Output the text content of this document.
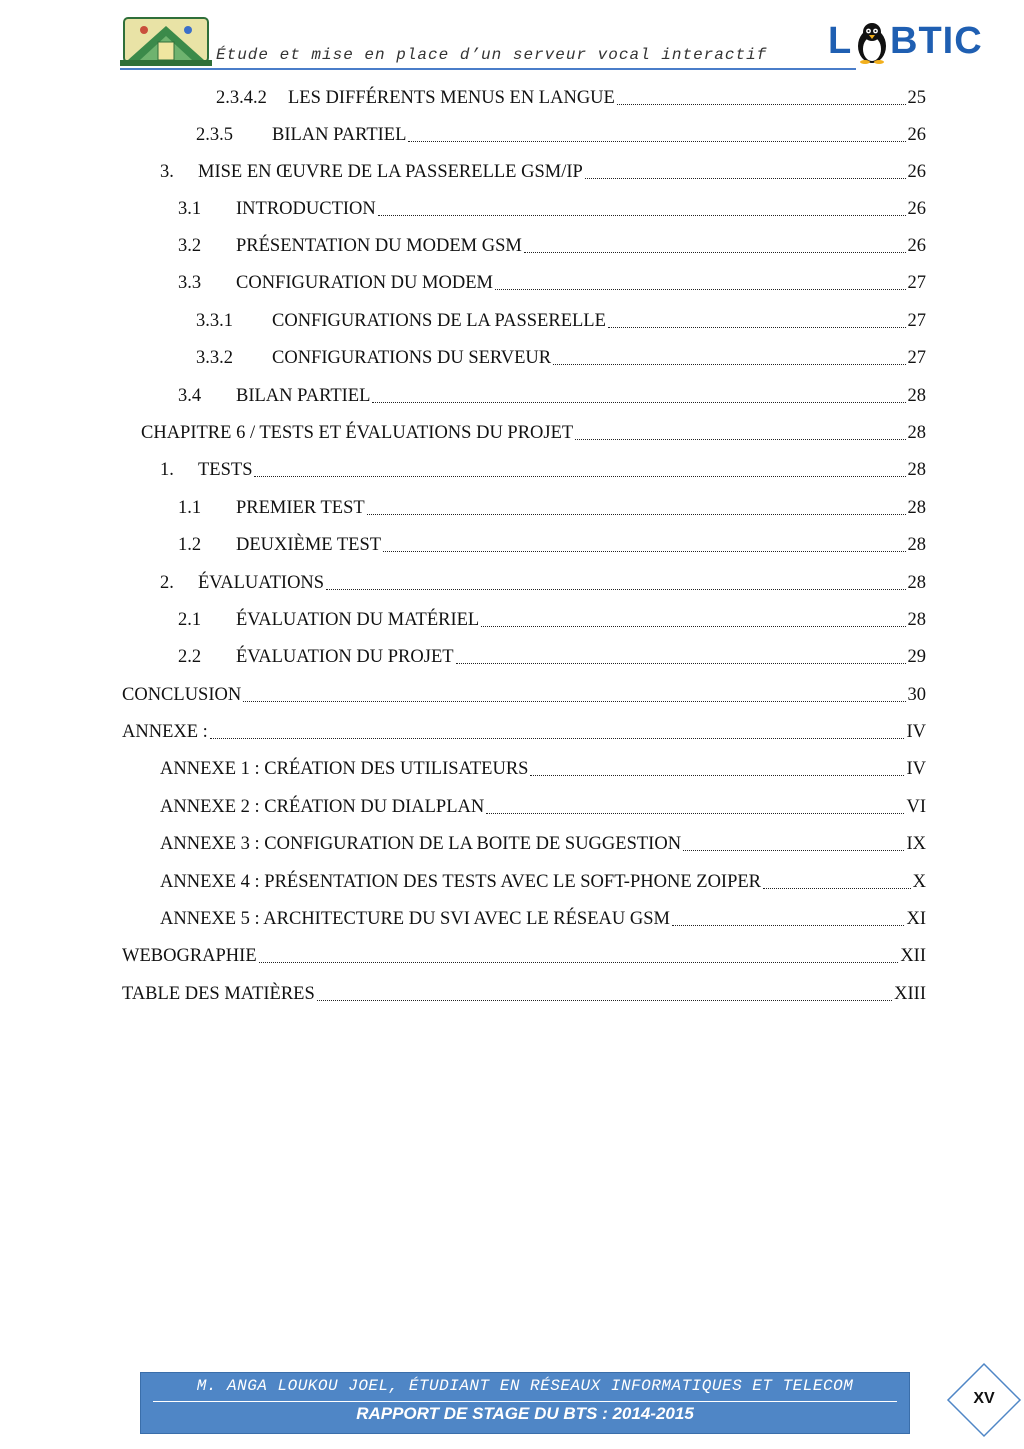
Étude et mise en place d’un serveur vocal interactif L BTIC
2.3.4.2	LES DIFFÉRENTS MENUS EN LANGUE	25
2.3.5	BILAN PARTIEL	26
3.	MISE EN ŒUVRE DE LA PASSERELLE GSM/IP	26
3.1	INTRODUCTION	26
3.2	PRÉSENTATION DU MODEM GSM	26
3.3	CONFIGURATION DU MODEM	27
3.3.1	CONFIGURATIONS DE LA PASSERELLE	27
3.3.2	CONFIGURATIONS DU SERVEUR	27
3.4	BILAN PARTIEL	28
CHAPITRE 6 / TESTS ET ÉVALUATIONS DU PROJET	28
1.	TESTS	28
1.1	PREMIER TEST	28
1.2	DEUXIÈME TEST	28
2.	ÉVALUATIONS	28
2.1	ÉVALUATION DU MATÉRIEL	28
2.2	ÉVALUATION DU PROJET	29
CONCLUSION	30
ANNEXE :	IV
ANNEXE 1 : CRÉATION DES UTILISATEURS	IV
ANNEXE 2 : CRÉATION DU DIALPLAN	VI
ANNEXE 3 : CONFIGURATION DE LA BOITE DE SUGGESTION	IX
ANNEXE 4 : PRÉSENTATION DES TESTS AVEC LE SOFT-PHONE ZOIPER	X
ANNEXE 5 : ARCHITECTURE DU SVI AVEC LE RÉSEAU GSM	XI
WEBOGRAPHIE	XII
TABLE DES MATIÈRES	XIII
M. ANGA LOUKOU JOEL, ÉTUDIANT EN RÉSEAUX INFORMATIQUES ET TELECOM
RAPPORT DE STAGE DU BTS : 2014-2015
XV
